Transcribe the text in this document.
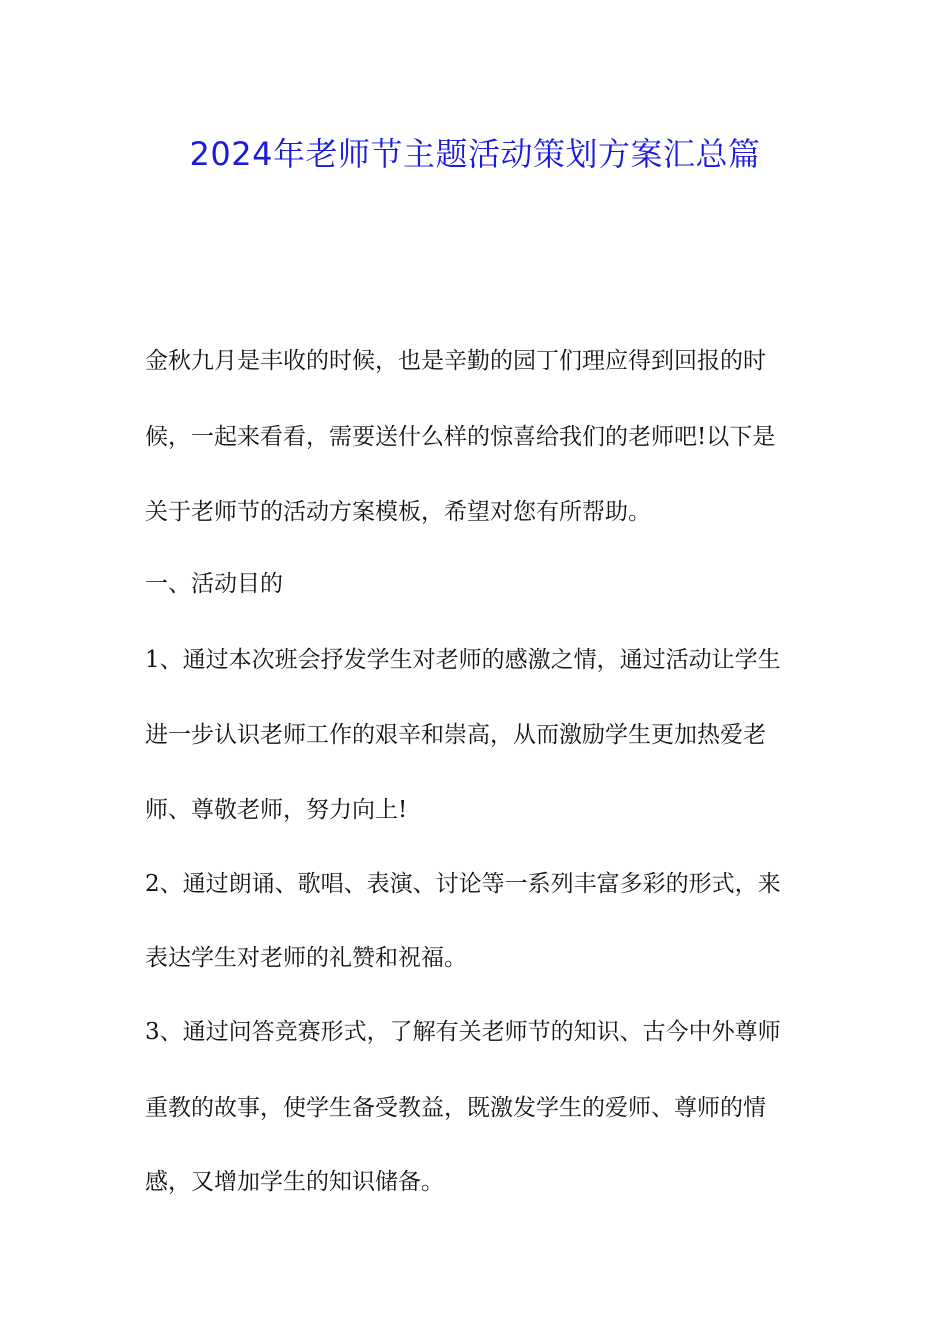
2024年老师节主题活动策划方案汇总篇
金秋九月是丰收的时候，也是辛勤的园丁们理应得到回报的时
候，一起来看看，需要送什么样的惊喜给我们的老师吧!以下是
关于老师节的活动方案模板，希望对您有所帮助。
一、活动目的
1、通过本次班会抒发学生对老师的感激之情，通过活动让学生
进一步认识老师工作的艰辛和崇高，从而激励学生更加热爱老
师、尊敬老师，努力向上!
2、通过朗诵、歌唱、表演、讨论等一系列丰富多彩的形式，来
表达学生对老师的礼赞和祝福。
3、通过问答竞赛形式，了解有关老师节的知识、古今中外尊师
重教的故事，使学生备受教益，既激发学生的爱师、尊师的情
感，又增加学生的知识储备。
